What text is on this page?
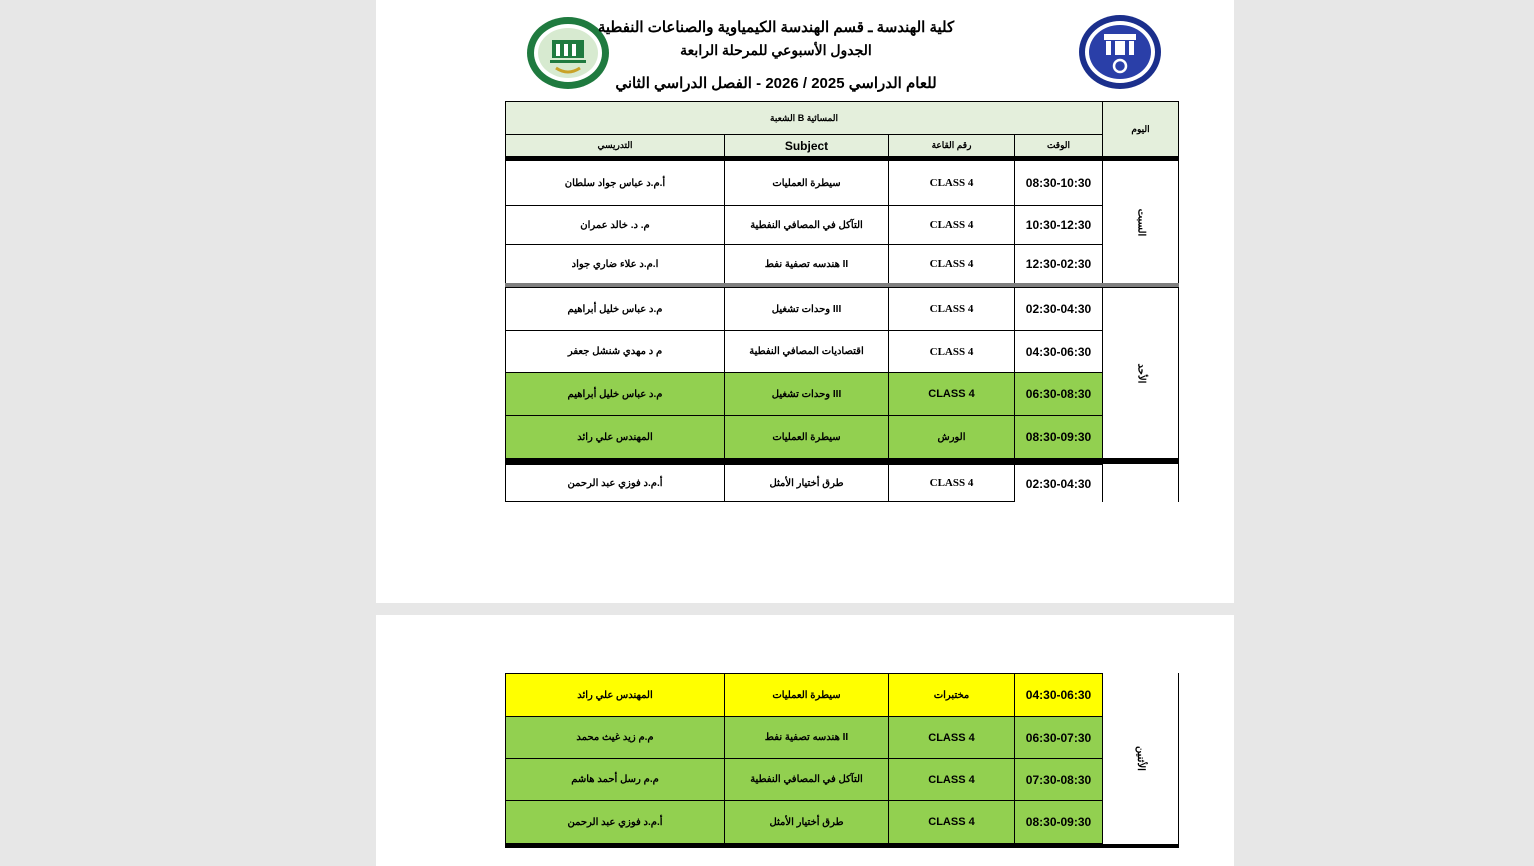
كلية الهندسة ـ قسم الهندسة الكيمياوية والصناعات النفطية
الجدول الأسبوعي للمرحلة الرابعة
للعام الدراسي 2025 / 2026 - الفصل الدراسي الثاني
الشعبة B المسائية
اليوم
التدريسي	Subject	رقم القاعة	الوقت
أ.م.د عباس جواد سلطان	سيطرة العمليات	CLASS 4	08:30-10:30
م. د. خالد عمران	التآكل في المصافي النفطية	CLASS 4	10:30-12:30
ا.م.د علاء ضاري جواد	هندسه تصفية نفط II	CLASS 4	12:30-02:30
السبت
م.د عباس خليل أبراهيم	وحدات تشغيل III	CLASS 4	02:30-04:30
م د مهدي شنشل جعفر	اقتصاديات المصافي النفطية	CLASS 4	04:30-06:30
م.د عباس خليل أبراهيم	وحدات تشغيل III	CLASS 4	06:30-08:30
المهندس علي رائد	سيطرة العمليات	الورش	08:30-09:30
الأحد
أ.م.د فوزي عبد الرحمن	طرق أختيار الأمثل	CLASS 4	02:30-04:30
المهندس علي رائد	سيطرة العمليات	مختبرات	04:30-06:30
م.م زيد غيث محمد	هندسه تصفية نفط II	CLASS 4	06:30-07:30
م.م رسل أحمد هاشم	التآكل في المصافي النفطية	CLASS 4	07:30-08:30
أ.م.د فوزي عبد الرحمن	طرق أختيار الأمثل	CLASS 4	08:30-09:30
الأثنين
